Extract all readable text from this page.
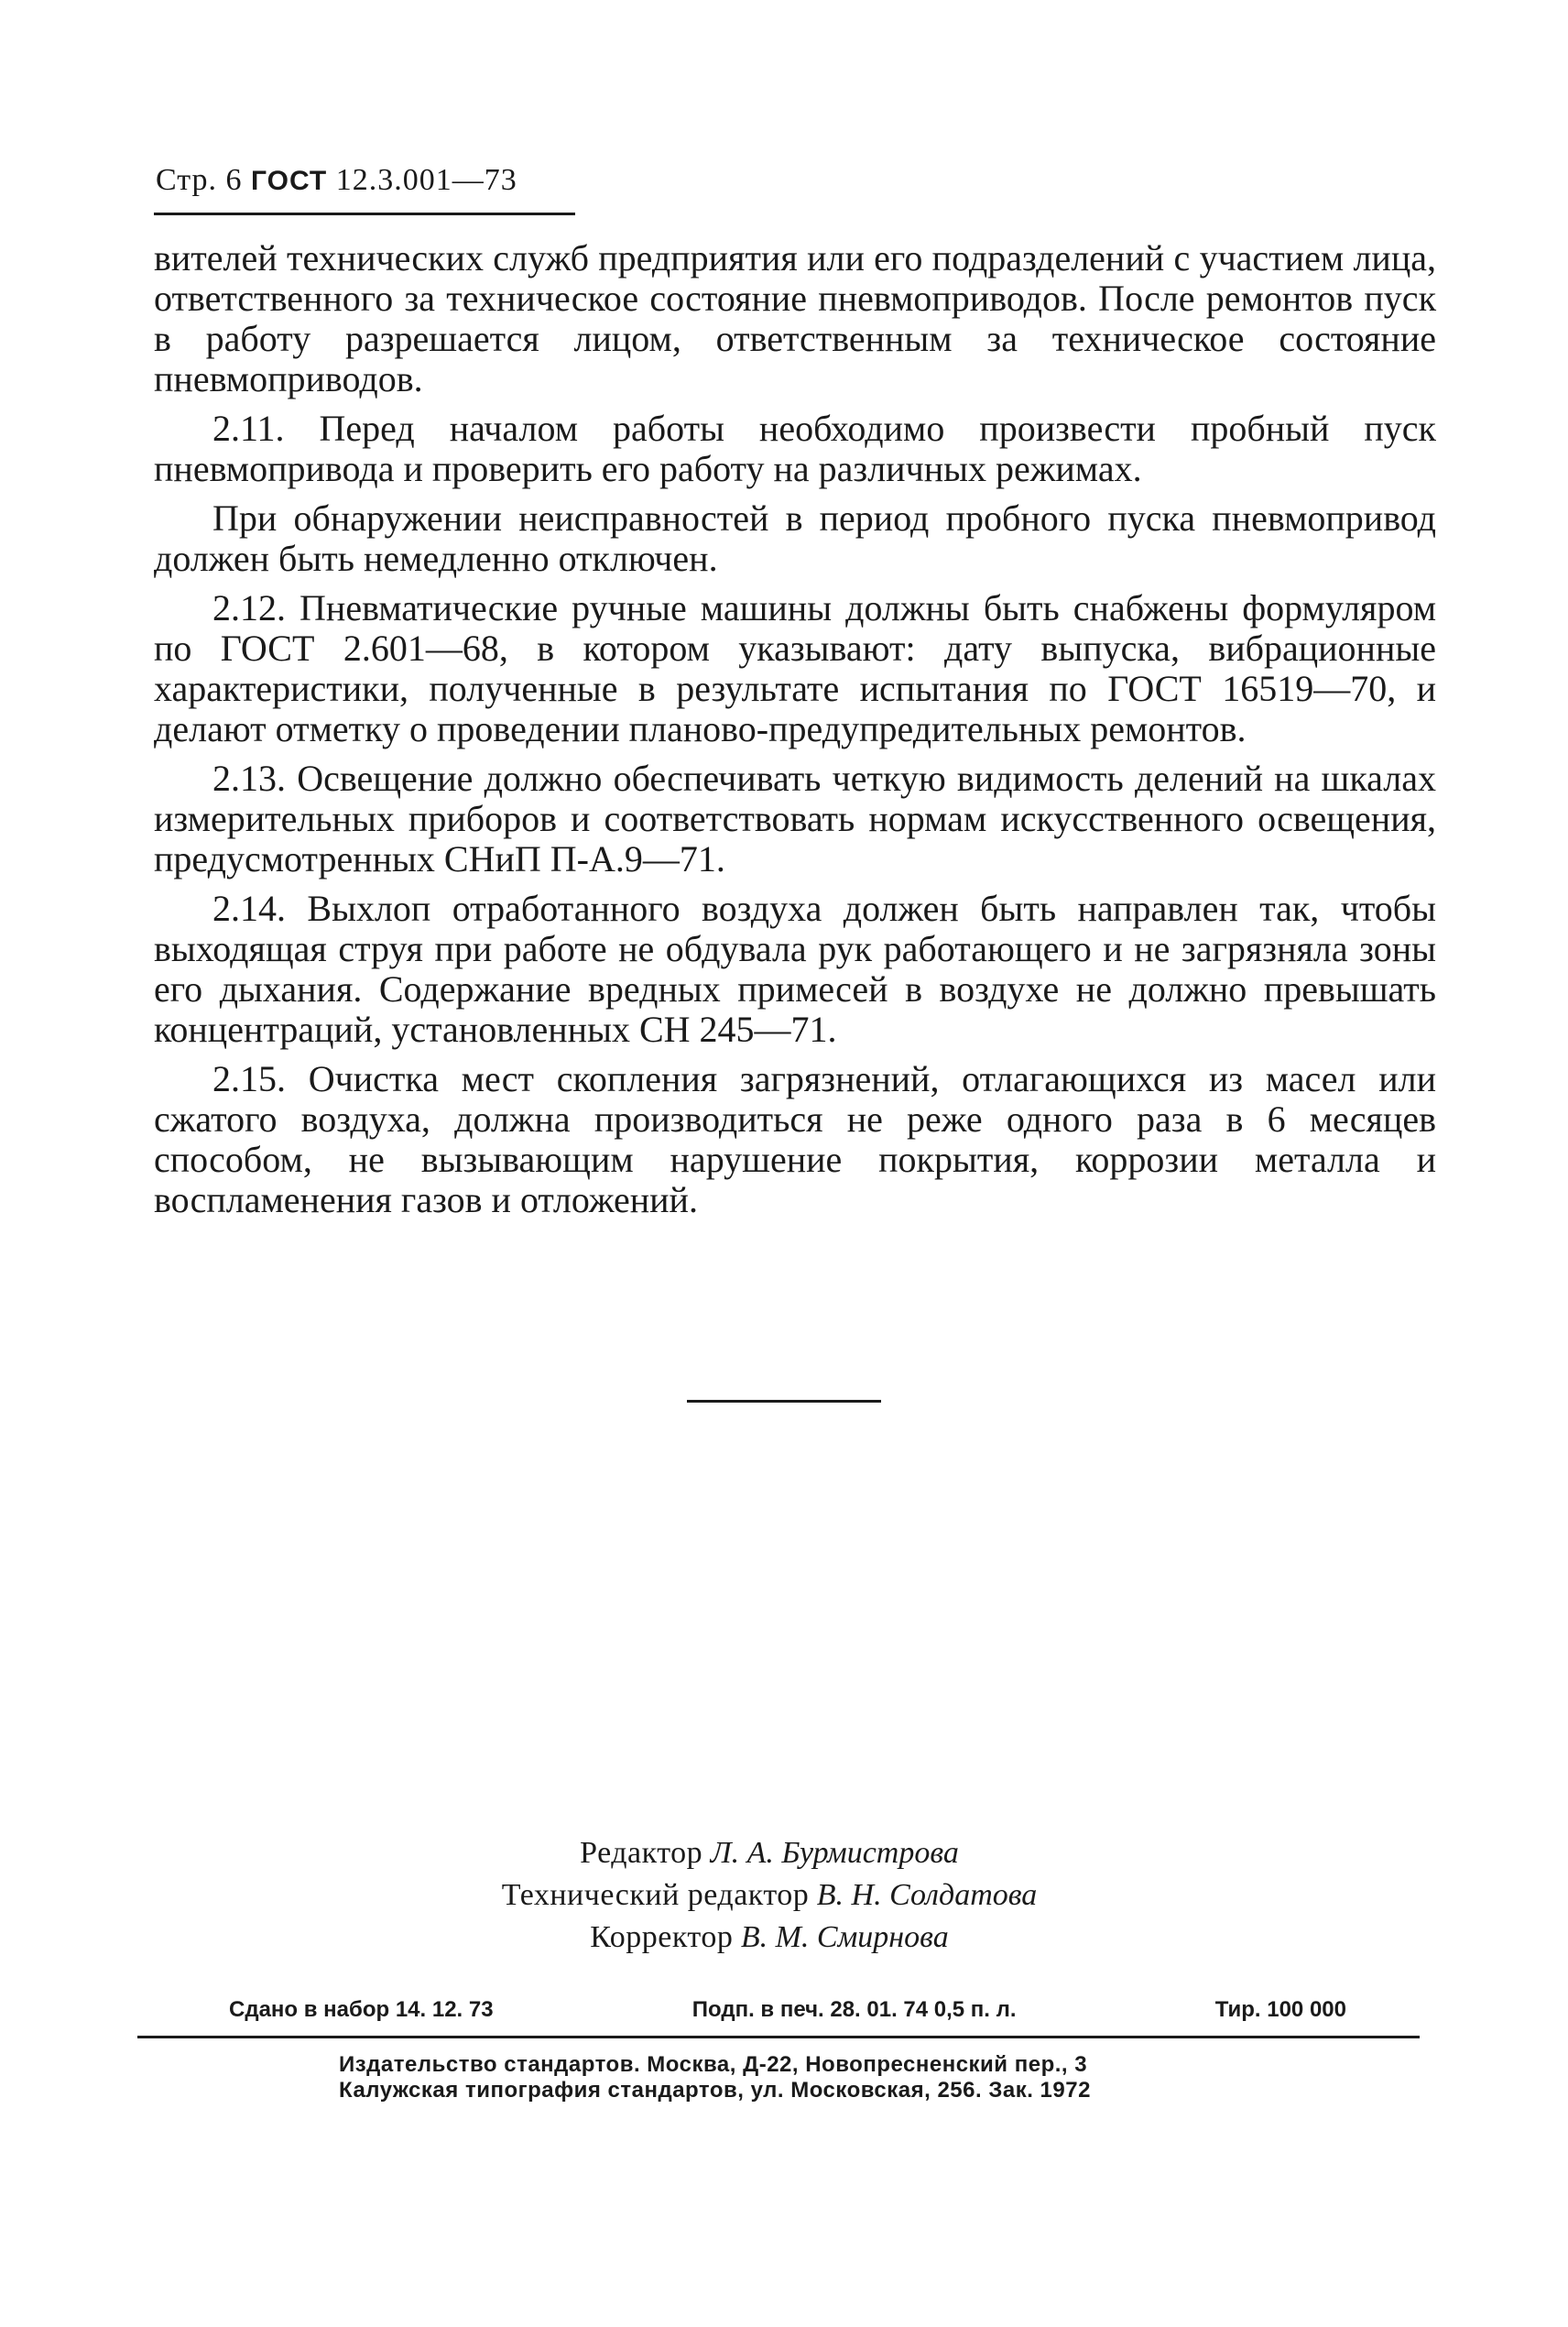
Стр. 6 ГОСТ 12.3.001—73

вителей технических служб предприятия или его подразделений с участием лица, ответственного за техническое состояние пневмоприводов. После ремонтов пуск в работу разрешается лицом, ответственным за техническое состояние пневмоприводов.

2.11. Перед началом работы необходимо произвести пробный пуск пневмопривода и проверить его работу на различных режимах.

При обнаружении неисправностей в период пробного пуска пневмопривод должен быть немедленно отключен.

2.12. Пневматические ручные машины должны быть снабжены формуляром по ГОСТ 2.601—68, в котором указывают: дату выпуска, вибрационные характеристики, полученные в результате испытания по ГОСТ 16519—70, и делают отметку о проведении планово-предупредительных ремонтов.

2.13. Освещение должно обеспечивать четкую видимость делений на шкалах измерительных приборов и соответствовать нормам искусственного освещения, предусмотренных СНиП П-А.9—71.

2.14. Выхлоп отработанного воздуха должен быть направлен так, чтобы выходящая струя при работе не обдувала рук работающего и не загрязняла зоны его дыхания. Содержание вредных примесей в воздухе не должно превышать концентраций, установленных СН 245—71.

2.15. Очистка мест скопления загрязнений, отлагающихся из масел или сжатого воздуха, должна производиться не реже одного раза в 6 месяцев способом, не вызывающим нарушение покрытия, коррозии металла и воспламенения газов и отложений.

Редактор Л. А. Бурмистрова
Технический редактор В. Н. Солдатова
Корректор В. М. Смирнова
Сдано в набор 14. 12. 73	Подп. в печ. 28. 01. 74 0,5 п. л.	Тир. 100 000
Издательство стандартов. Москва, Д-22, Новопресненский пер., 3
Калужская типография стандартов, ул. Московская, 256. Зак. 1972
